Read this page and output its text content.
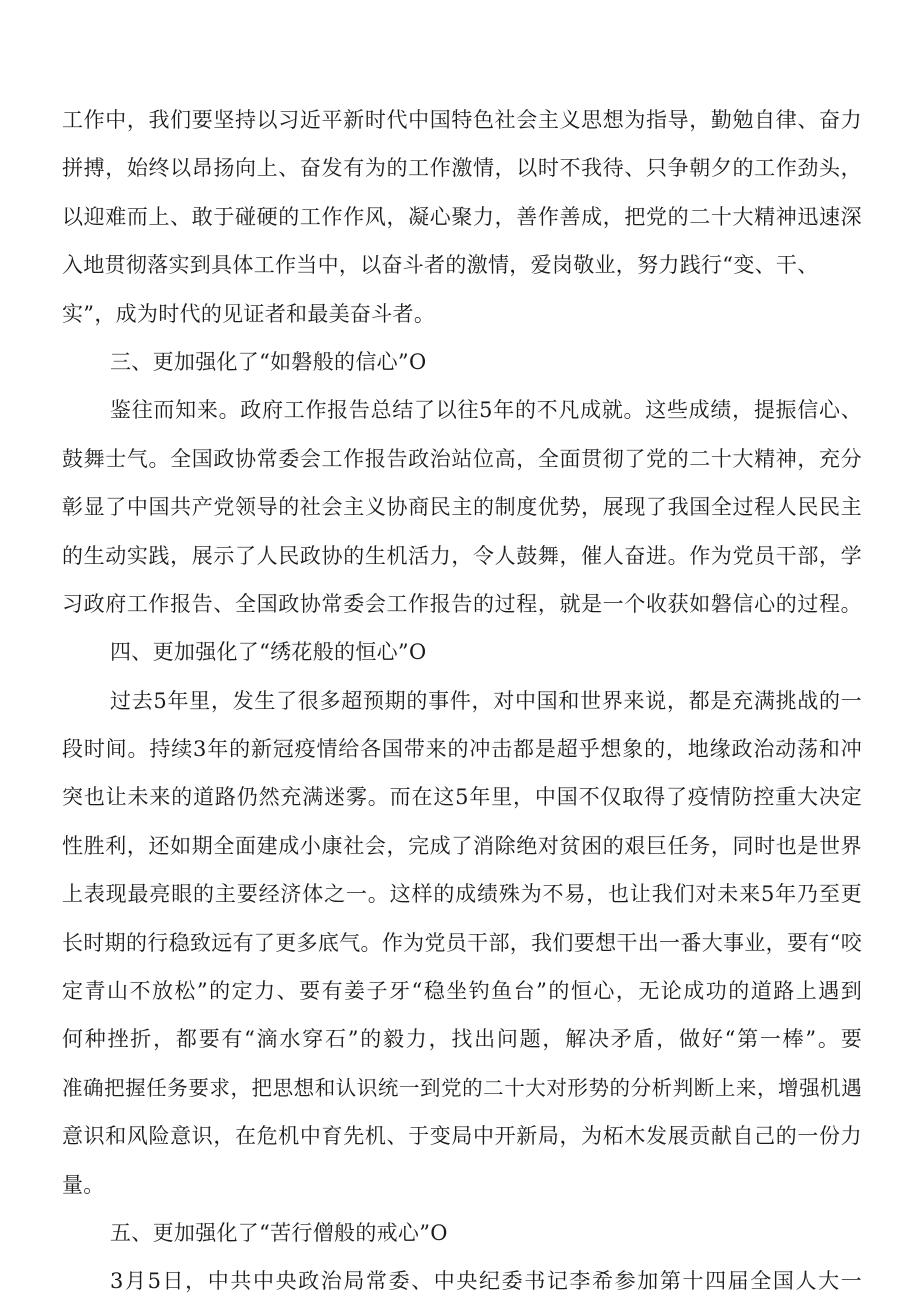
工作中，我们要坚持以习近平新时代中国特色社会主义思想为指导，勤勉自律、奋力
拼搏，始终以昂扬向上、奋发有为的工作激情，以时不我待、只争朝夕的工作劲头，
以迎难而上、敢于碰硬的工作作风，凝心聚力，善作善成，把党的二十大精神迅速深
入地贯彻落实到具体工作当中，以奋斗者的激情，爱岗敬业，努力践行“变、干、
实”，成为时代的见证者和最美奋斗者。
三、更加强化了“如磐般的信心”O
鉴往而知来。政府工作报告总结了以往5年的不凡成就。这些成绩，提振信心、
鼓舞士气。全国政协常委会工作报告政治站位高，全面贯彻了党的二十大精神，充分
彰显了中国共产党领导的社会主义协商民主的制度优势，展现了我国全过程人民民主
的生动实践，展示了人民政协的生机活力，令人鼓舞，催人奋进。作为党员干部，学
习政府工作报告、全国政协常委会工作报告的过程，就是一个收获如磐信心的过程。
四、更加强化了“绣花般的恒心”O
过去5年里，发生了很多超预期的事件，对中国和世界来说，都是充满挑战的一
段时间。持续3年的新冠疫情给各国带来的冲击都是超乎想象的，地缘政治动荡和冲
突也让未来的道路仍然充满迷雾。而在这5年里，中国不仅取得了疫情防控重大决定
性胜利，还如期全面建成小康社会，完成了消除绝对贫困的艰巨任务，同时也是世界
上表现最亮眼的主要经济体之一。这样的成绩殊为不易，也让我们对未来5年乃至更
长时期的行稳致远有了更多底气。作为党员干部，我们要想干出一番大事业，要有“咬
定青山不放松”的定力、要有姜子牙“稳坐钓鱼台”的恒心，无论成功的道路上遇到
何种挫折，都要有“滴水穿石”的毅力，找出问题，解决矛盾，做好“第一棒”。要
准确把握任务要求，把思想和认识统一到党的二十大对形势的分析判断上来，增强机遇
意识和风险意识，在危机中育先机、于变局中开新局，为柘木发展贡献自己的一份力
量。
五、更加强化了“苦行僧般的戒心”O
3月5日，中共中央政治局常委、中央纪委书记李希参加第十四届全国人大一
